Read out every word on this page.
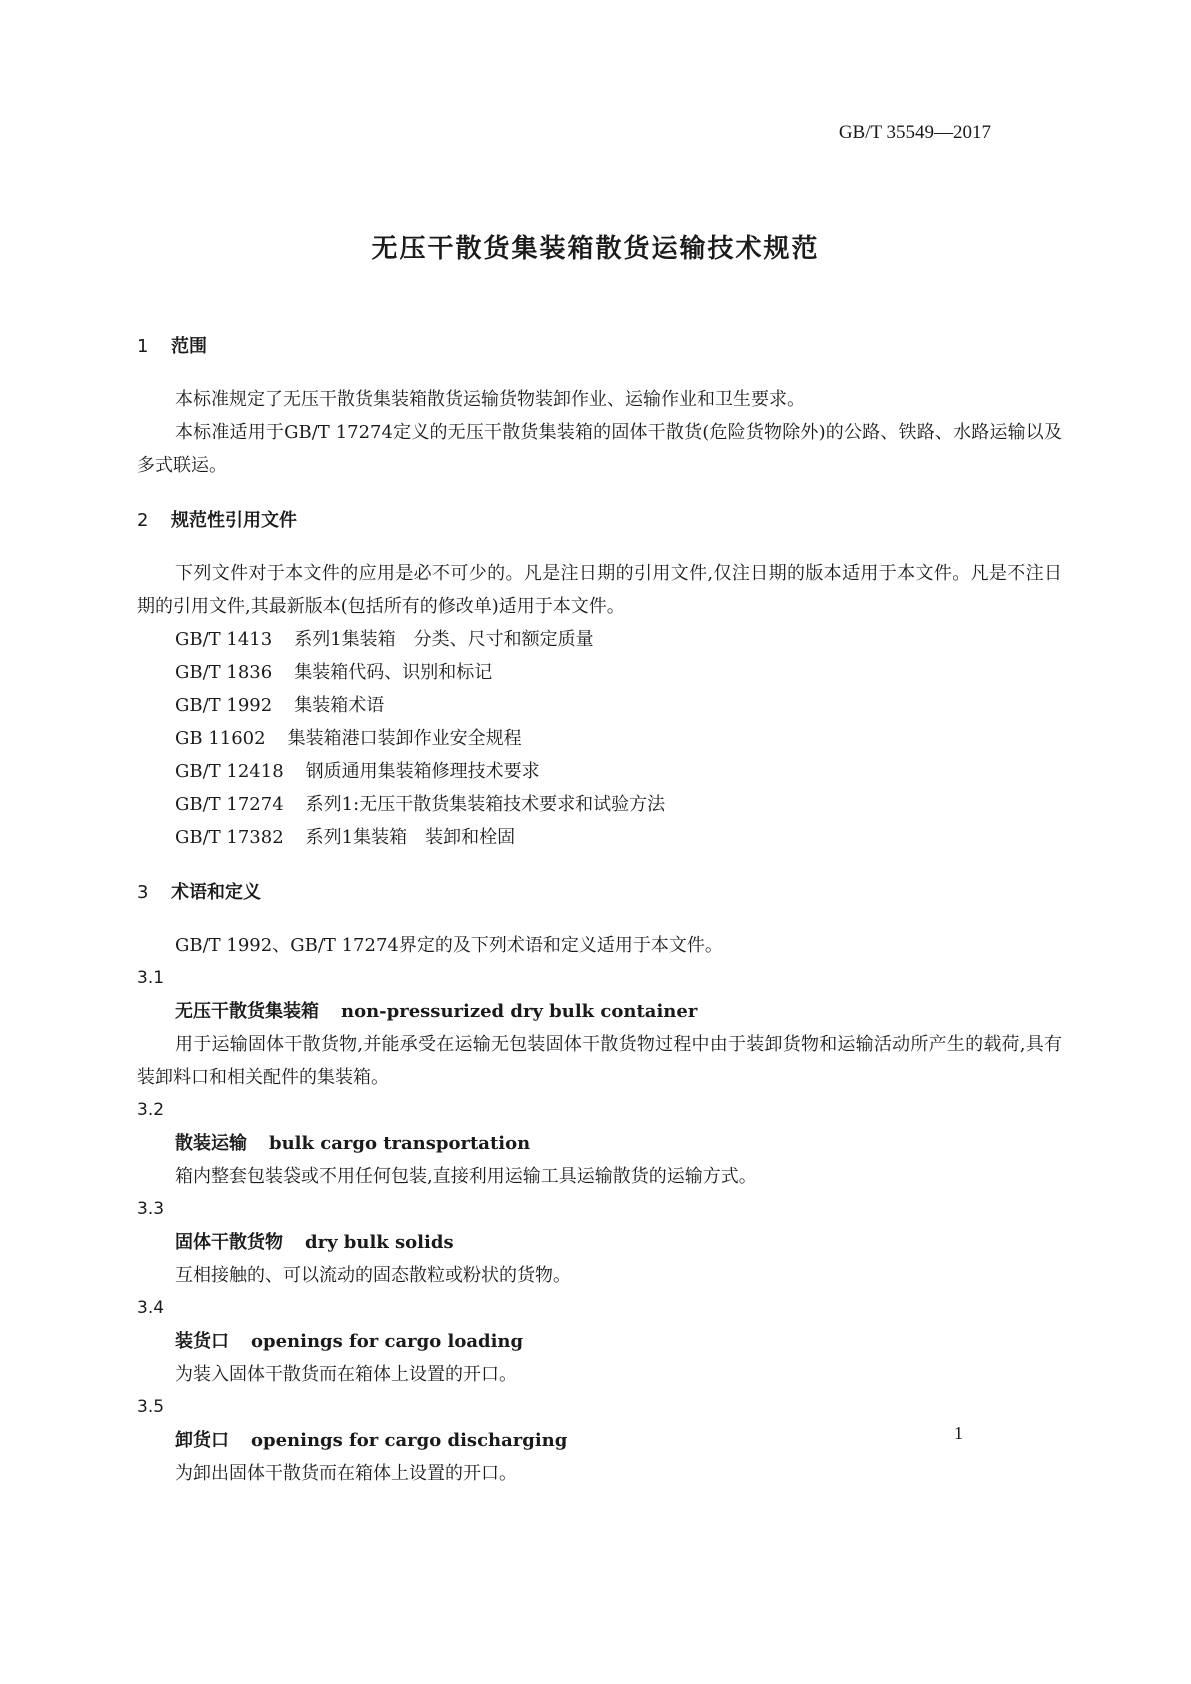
GB/T 35549—2017
无压干散货集装箱散货运输技术规范
1 范围

本标准规定了无压干散货集装箱散货运输货物装卸作业、运输作业和卫生要求。

本标准适用于GB/T 17274定义的无压干散货集装箱的固体干散货(危险货物除外)的公路、铁路、水路运输以及多式联运。

2 规范性引用文件

下列文件对于本文件的应用是必不可少的。凡是注日期的引用文件,仅注日期的版本适用于本文件。凡是不注日期的引用文件,其最新版本(包括所有的修改单)适用于本文件。

GB/T 1413 系列1集装箱　分类、尺寸和额定质量

GB/T 1836 集装箱代码、识别和标记

GB/T 1992 集装箱术语

GB 11602 集装箱港口装卸作业安全规程

GB/T 12418 钢质通用集装箱修理技术要求

GB/T 17274 系列1:无压干散货集装箱技术要求和试验方法

GB/T 17382 系列1集装箱　装卸和栓固

3 术语和定义

GB/T 1992、GB/T 17274界定的及下列术语和定义适用于本文件。

3.1

无压干散货集装箱 non-pressurized dry bulk container

用于运输固体干散货物,并能承受在运输无包装固体干散货物过程中由于装卸货物和运输活动所产生的载荷,具有装卸料口和相关配件的集装箱。

3.2

散装运输 bulk cargo transportation

箱内整套包装袋或不用任何包装,直接利用运输工具运输散货的运输方式。

3.3

固体干散货物 dry bulk solids

互相接触的、可以流动的固态散粒或粉状的货物。

3.4

装货口 openings for cargo loading

为装入固体干散货而在箱体上设置的开口。

3.5

卸货口 openings for cargo discharging

为卸出固体干散货而在箱体上设置的开口。

1
